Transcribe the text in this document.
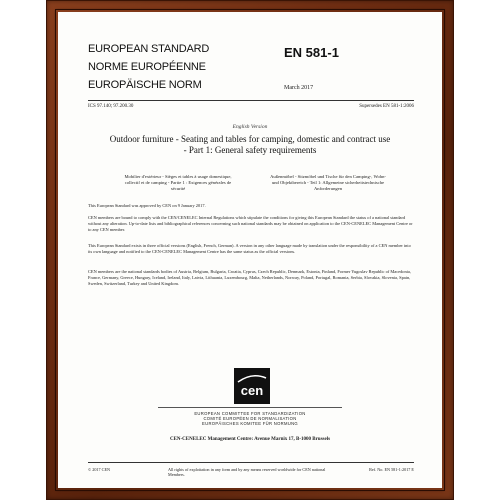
EUROPEAN STANDARD
NORME EUROPÉENNE
EUROPÄISCHE NORM
EN 581-1
March 2017
ICS 97.140; 97.200.30	Supersedes EN 581-1:2006
English Version
Outdoor furniture - Seating and tables for camping, domestic and contract use - Part 1: General safety requirements
Mobilier d'extérieur - Sièges et tables à usage domestique, collectif et de camping - Partie 1 : Exigences générales de sécurité
Außenmöbel - Sitzmöbel und Tische für den Camping-, Wohn- und Objektbereich - Teil 1: Allgemeine sicherheitstechnische Anforderungen
This European Standard was approved by CEN on 9 January 2017.
CEN members are bound to comply with the CEN/CENELEC Internal Regulations which stipulate the conditions for giving this European Standard the status of a national standard without any alteration. Up-to-date lists and bibliographical references concerning such national standards may be obtained on application to the CEN-CENELEC Management Centre or to any CEN member.
This European Standard exists in three official versions (English, French, German). A version in any other language made by translation under the responsibility of a CEN member into its own language and notified to the CEN-CENELEC Management Centre has the same status as the official versions.
CEN members are the national standards bodies of Austria, Belgium, Bulgaria, Croatia, Cyprus, Czech Republic, Denmark, Estonia, Finland, Former Yugoslav Republic of Macedonia, France, Germany, Greece, Hungary, Iceland, Ireland, Italy, Latvia, Lithuania, Luxembourg, Malta, Netherlands, Norway, Poland, Portugal, Romania, Serbia, Slovakia, Slovenia, Spain, Sweden, Switzerland, Turkey and United Kingdom.
cen
EUROPEAN COMMITTEE FOR STANDARDIZATION
COMITÉ EUROPÉEN DE NORMALISATION
EUROPÄISCHES KOMITEE FÜR NORMUNG
CEN-CENELEC Management Centre: Avenue Marnix 17, B-1000 Brussels
© 2017 CEN	All rights of exploitation in any form and by any means reserved worldwide for CEN national Members.
Ref. No. EN 581-1:2017 E
